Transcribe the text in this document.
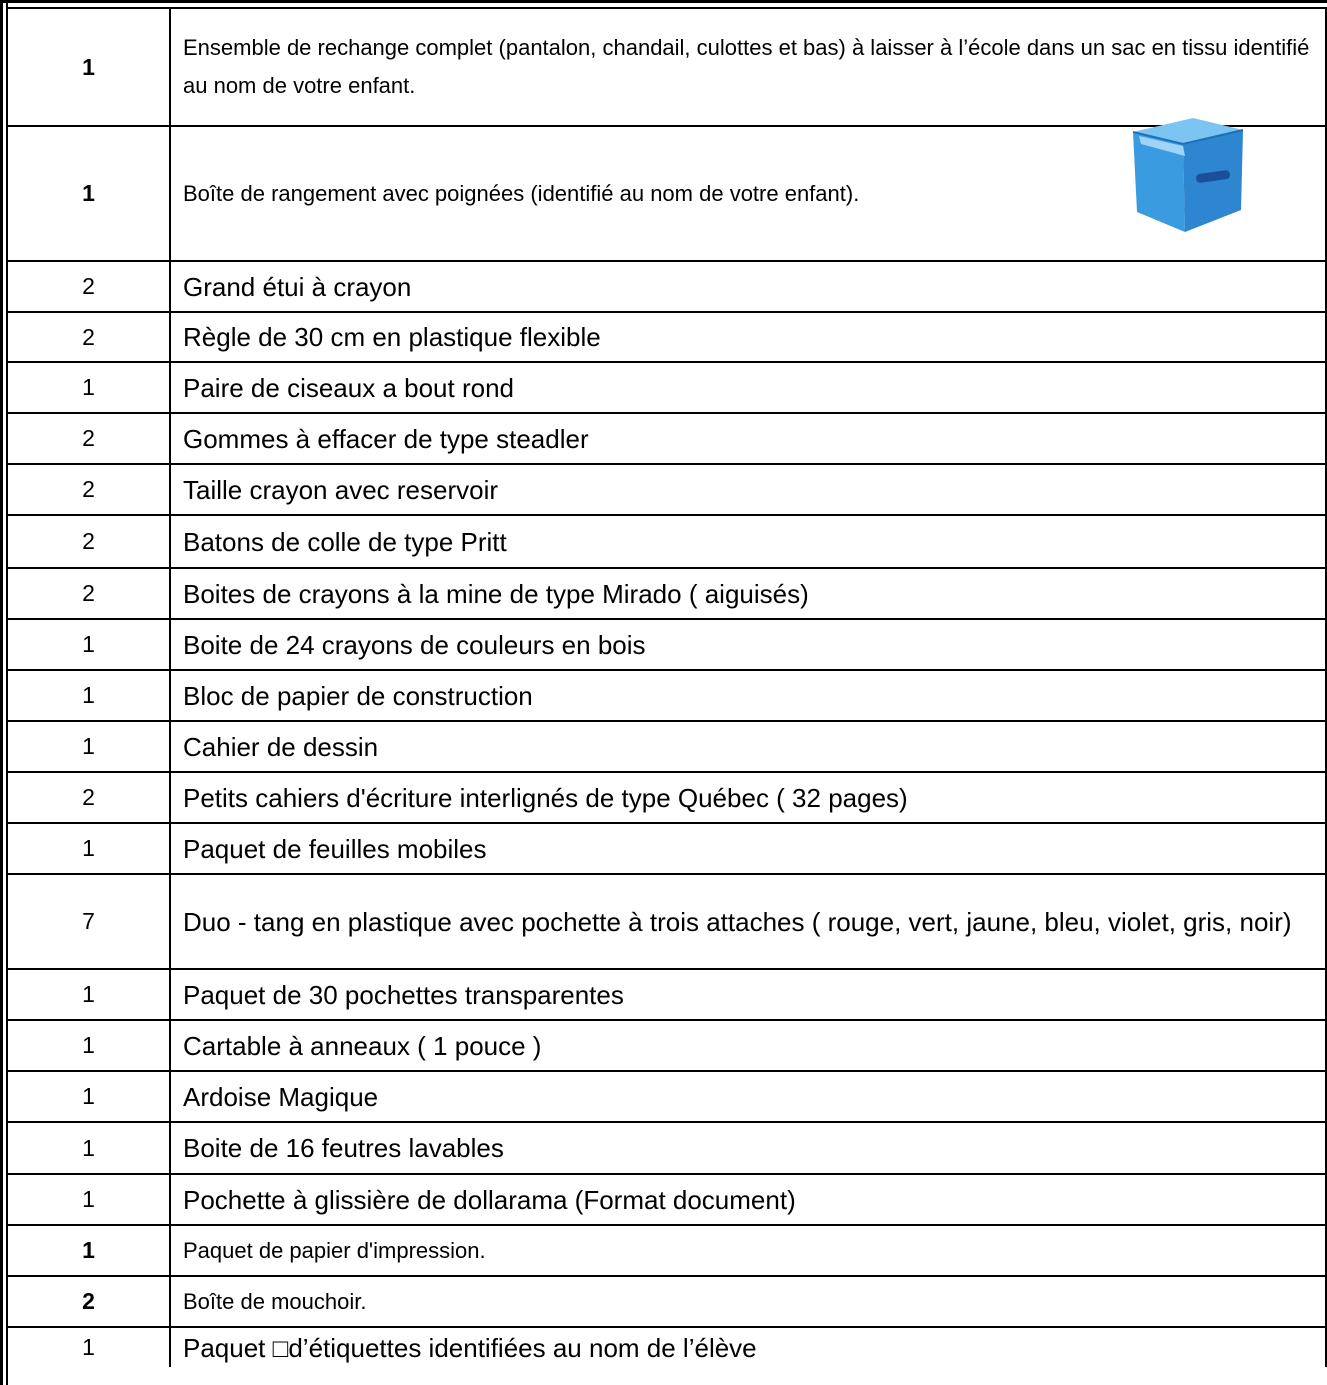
1	Ensemble de rechange complet (pantalon, chandail, culottes et bas) à laisser à l’école dans un sac en tissu identifié au nom de votre enfant.
1	Boîte de rangement avec poignées (identifié au nom de votre enfant).

2	Grand étui à crayon
2	Règle de 30 cm en plastique flexible
1	Paire de ciseaux a bout rond
2	Gommes à effacer de type steadler
2	Taille crayon avec reservoir
2	Batons de colle de type Pritt
2	Boites de crayons à la mine de type Mirado ( aiguisés)
1	Boite de 24 crayons de couleurs en bois
1	Bloc de papier de construction
1	Cahier de dessin
2	Petits cahiers d'écriture interlignés de type Québec ( 32 pages)
1	Paquet de feuilles mobiles
7	Duo - tang en plastique avec pochette à trois attaches ( rouge, vert, jaune, bleu, violet, gris, noir)
1	Paquet de 30 pochettes transparentes
1	Cartable à anneaux ( 1 pouce )
1	Ardoise Magique
1	Boite de 16 feutres lavables
1	Pochette à glissière de dollarama (Format document)
1	Paquet de papier d'impression.
2	Boîte de mouchoir.
1	Paquet □d’étiquettes identifiées au nom de l’élève
